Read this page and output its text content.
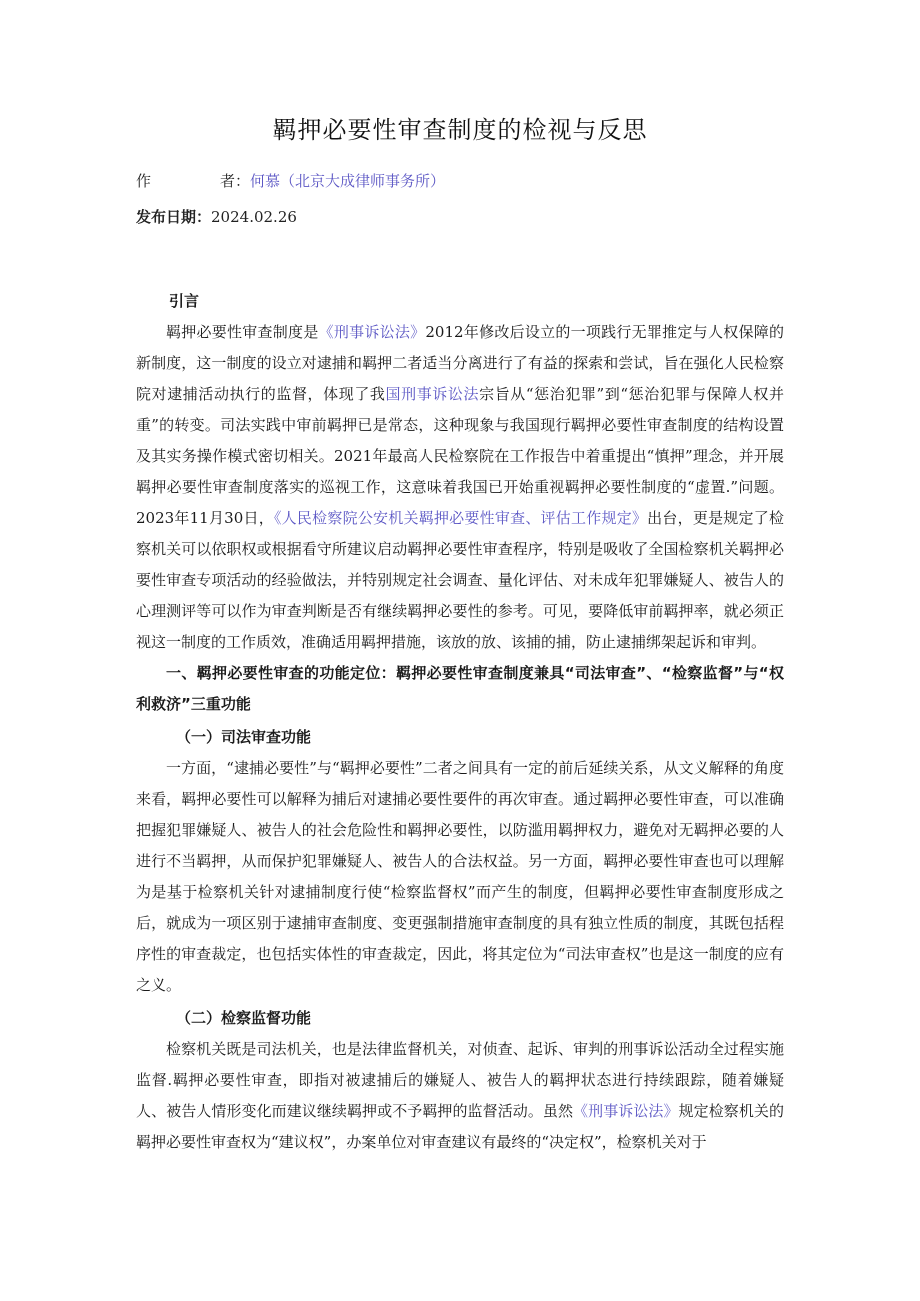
羁押必要性审查制度的检视与反思
作	者：何慕（北京大成律师事务所）
发布日期：2024.02.26

引言

羁押必要性审查制度是《刑事诉讼法》2012年修改后设立的一项践行无罪推定与人权保障的新制度，这一制度的设立对逮捕和羁押二者适当分离进行了有益的探索和尝试，旨在强化人民检察院对逮捕活动执行的监督，体现了我国刑事诉讼法宗旨从“惩治犯罪”到“惩治犯罪与保障人权并重”的转变。司法实践中审前羁押已是常态，这种现象与我国现行羁押必要性审查制度的结构设置及其实务操作模式密切相关。2021年最高人民检察院在工作报告中着重提出“慎押”理念，并开展羁押必要性审查制度落实的巡视工作，这意味着我国已开始重视羁押必要性制度的“虚置.”问题。2023年11月30日，《人民检察院公安机关羁押必要性审查、评估工作规定》出台，更是规定了检察机关可以依职权或根据看守所建议启动羁押必要性审查程序，特别是吸收了全国检察机关羁押必要性审查专项活动的经验做法，并特别规定社会调查、量化评估、对未成年犯罪嫌疑人、被告人的心理测评等可以作为审查判断是否有继续羁押必要性的参考。可见，要降低审前羁押率，就必须正视这一制度的工作质效，准确适用羁押措施，该放的放、该捕的捕，防止逮捕绑架起诉和审判。

一、羁押必要性审查的功能定位：羁押必要性审查制度兼具“司法审查”、“检察监督”与“权利救济”三重功能

（一）司法审查功能

一方面，“逮捕必要性”与“羁押必要性”二者之间具有一定的前后延续关系，从文义解释的角度来看，羁押必要性可以解释为捕后对逮捕必要性要件的再次审查。通过羁押必要性审查，可以准确把握犯罪嫌疑人、被告人的社会危险性和羁押必要性，以防滥用羁押权力，避免对无羁押必要的人进行不当羁押，从而保护犯罪嫌疑人、被告人的合法权益。另一方面，羁押必要性审查也可以理解为是基于检察机关针对逮捕制度行使“检察监督权”而产生的制度，但羁押必要性审查制度形成之后，就成为一项区别于逮捕审查制度、变更强制措施审查制度的具有独立性质的制度，其既包括程序性的审查裁定，也包括实体性的审查裁定，因此，将其定位为“司法审查权”也是这一制度的应有之义。

（二）检察监督功能

检察机关既是司法机关，也是法律监督机关，对侦查、起诉、审判的刑事诉讼活动全过程实施监督.羁押必要性审查，即指对被逮捕后的嫌疑人、被告人的羁押状态进行持续跟踪，随着嫌疑人、被告人情形变化而建议继续羁押或不予羁押的监督活动。虽然《刑事诉讼法》规定检察机关的羁押必要性审查权为“建议权”，办案单位对审查建议有最终的“决定权”，检察机关对于
